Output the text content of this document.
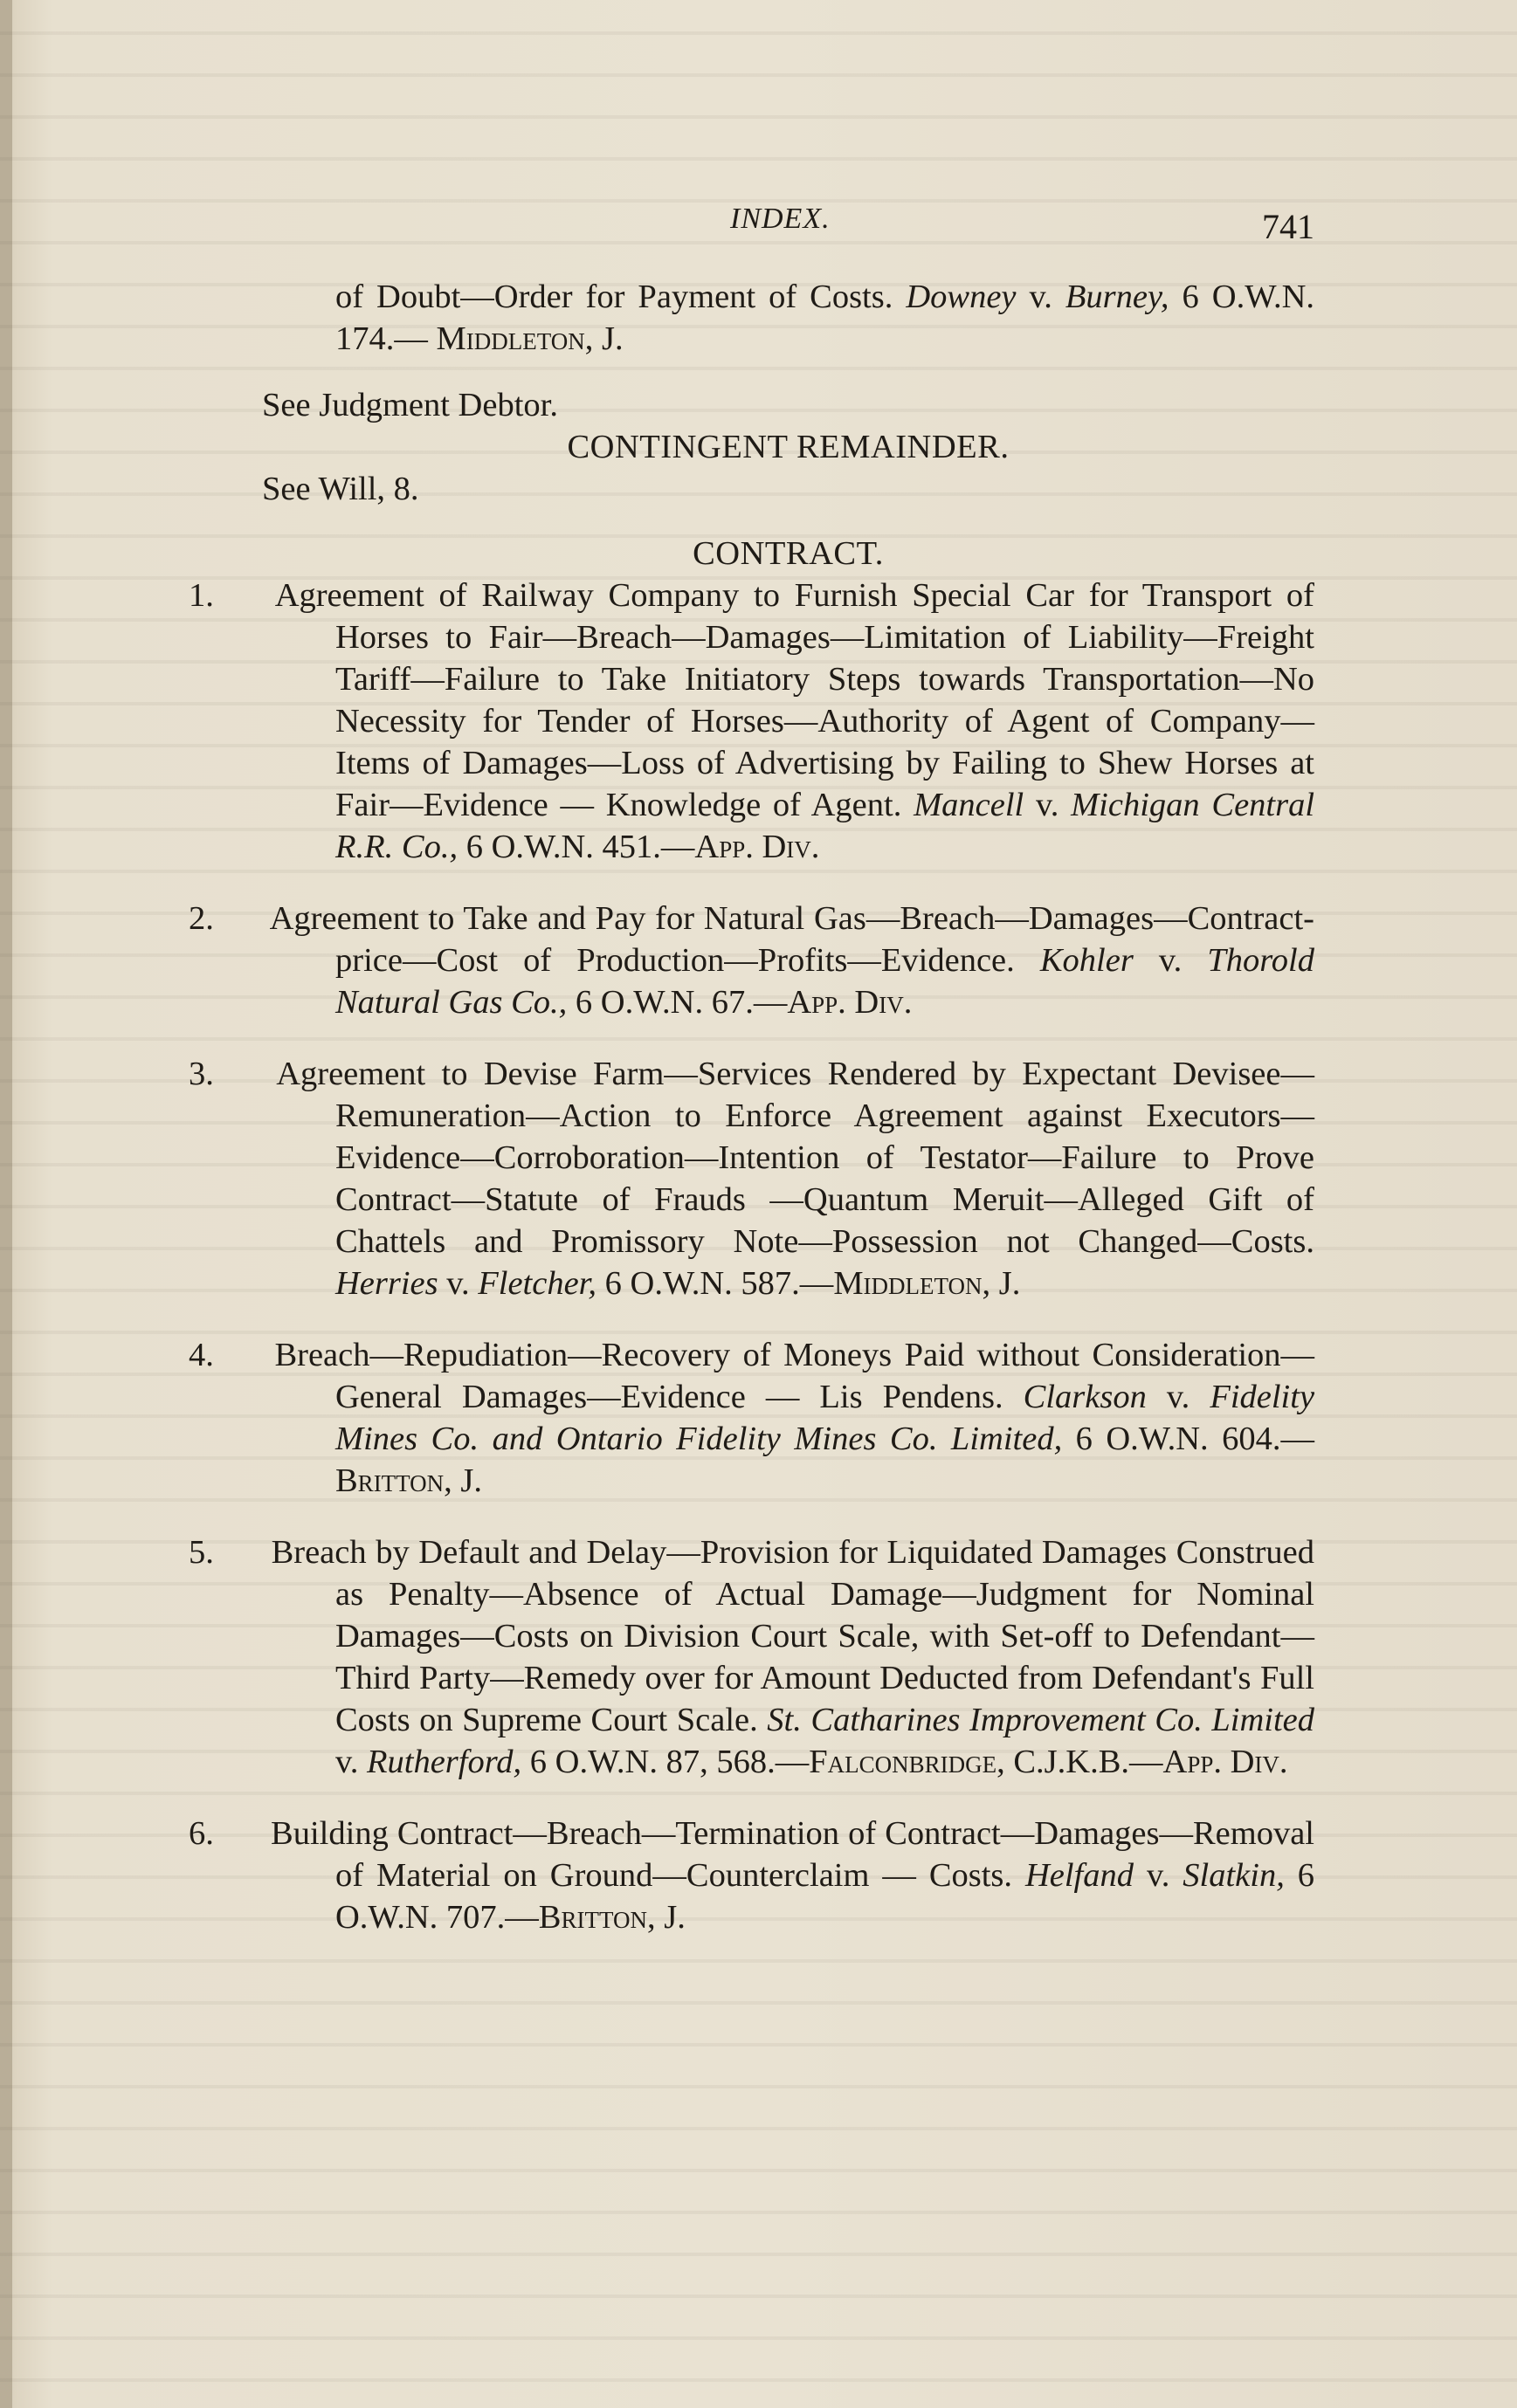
INDEX.	741

of Doubt—Order for Payment of Costs. Downey v. Burney, 6 O.W.N. 174.— Middleton, J.

See Judgment Debtor.

CONTINGENT REMAINDER.

See Will, 8.

CONTRACT.

1. Agreement of Railway Company to Furnish Special Car for Transport of Horses to Fair—Breach—Damages—Limitation of Liability—Freight Tariff—Failure to Take Initiatory Steps towards Transportation—No Necessity for Tender of Horses—Authority of Agent of Company—Items of Damages—Loss of Advertising by Failing to Shew Horses at Fair—Evidence — Knowledge of Agent. Mancell v. Michigan Central R.R. Co., 6 O.W.N. 451.—App. Div.

2. Agreement to Take and Pay for Natural Gas—Breach—Damages—Contract-price—Cost of Production—Profits—Evidence. Kohler v. Thorold Natural Gas Co., 6 O.W.N. 67.—App. Div.

3. Agreement to Devise Farm—Services Rendered by Expectant Devisee—Remuneration—Action to Enforce Agreement against Executors—Evidence—Corroboration—Intention of Testator—Failure to Prove Contract—Statute of Frauds —Quantum Meruit—Alleged Gift of Chattels and Promissory Note—Possession not Changed—Costs. Herries v. Fletcher, 6 O.W.N. 587.—Middleton, J.

4. Breach—Repudiation—Recovery of Moneys Paid without Consideration—General Damages—Evidence — Lis Pendens. Clarkson v. Fidelity Mines Co. and Ontario Fidelity Mines Co. Limited, 6 O.W.N. 604.—Britton, J.

5. Breach by Default and Delay—Provision for Liquidated Damages Construed as Penalty—Absence of Actual Damage—Judgment for Nominal Damages—Costs on Division Court Scale, with Set-off to Defendant—Third Party—Remedy over for Amount Deducted from Defendant's Full Costs on Supreme Court Scale. St. Catharines Improvement Co. Limited v. Rutherford, 6 O.W.N. 87, 568.—Falconbridge, C.J.K.B.—App. Div.

6. Building Contract—Breach—Termination of Contract—Damages—Removal of Material on Ground—Counterclaim — Costs. Helfand v. Slatkin, 6 O.W.N. 707.—Britton, J.
